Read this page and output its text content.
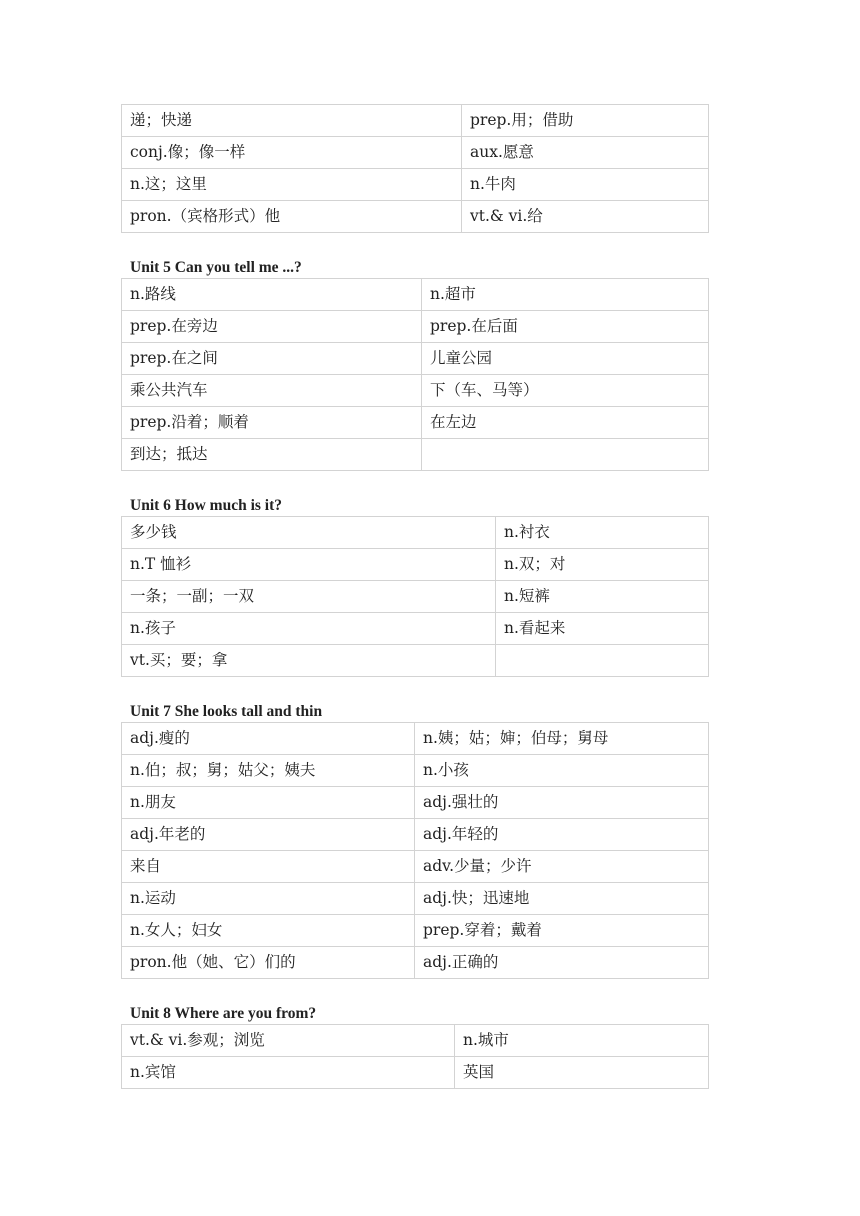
递；快递	prep.用；借助
conj.像；像一样	aux.愿意
n.这；这里	n.牛肉
pron.（宾格形式）他	vt.& vi.给
Unit 5 Can you tell me ...?
n.路线	n.超市
prep.在旁边	prep.在后面
prep.在之间	儿童公园
乘公共汽车	下（车、马等）
prep.沿着；顺着	在左边
到达；抵达	
Unit 6 How much is it?
多少钱	n.衬衣
n.T 恤衫	n.双；对
一条；一副；一双	n.短裤
n.孩子	n.看起来
vt.买；要；拿	
Unit 7 She looks tall and thin
adj.瘦的	n.姨；姑；婶；伯母；舅母
n.伯；叔；舅；姑父；姨夫	n.小孩
n.朋友	adj.强壮的
adj.年老的	adj.年轻的
来自	adv.少量；少许
n.运动	adj.快；迅速地
n.女人；妇女	prep.穿着；戴着
pron.他（她、它）们的	adj.正确的
Unit 8 Where are you from?
vt.& vi.参观；浏览	n.城市
n.宾馆	英国
